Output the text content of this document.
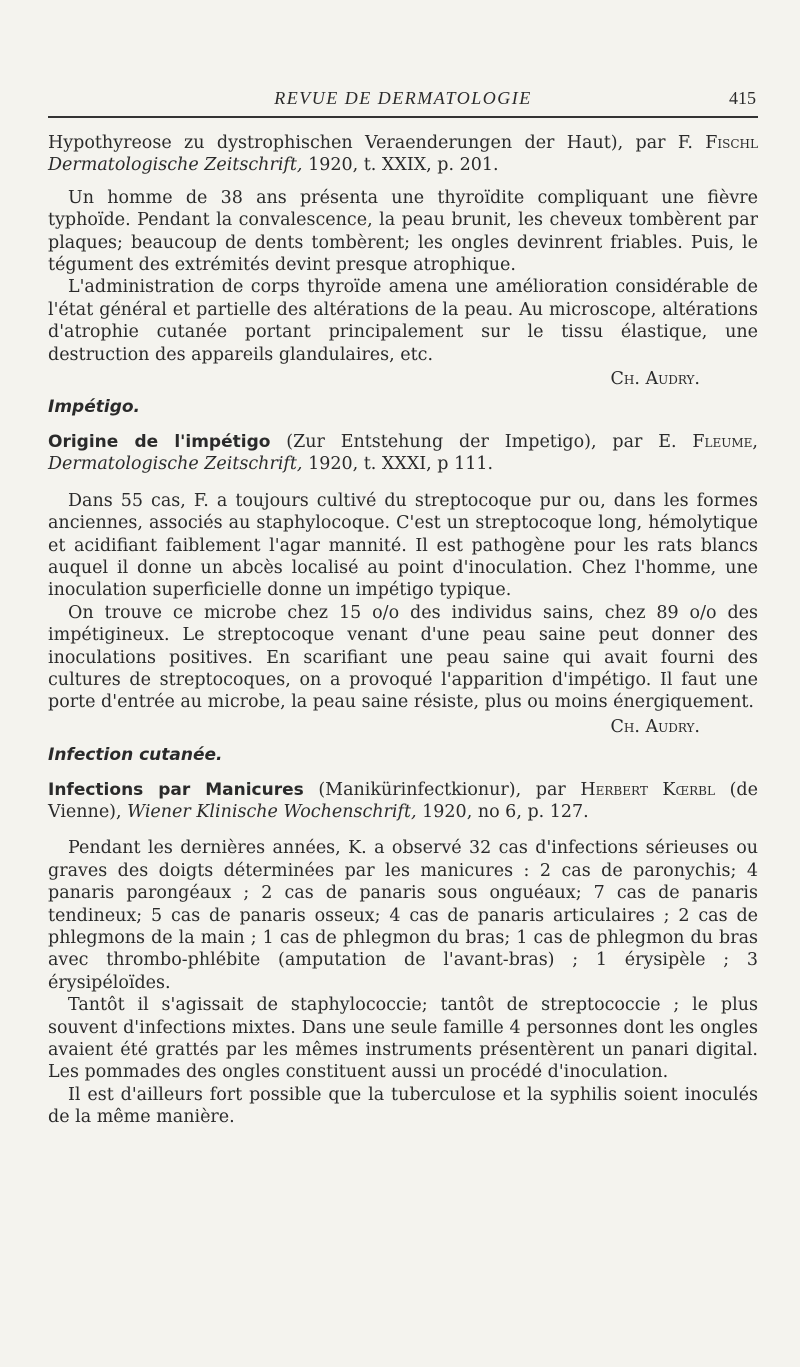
REVUE DE DERMATOLOGIE	415

Hypothyreose zu dystrophischen Veraenderungen der Haut), par F. Fischl Dermatologische Zeitschrift, 1920, t. XXIX, p. 201.

Un homme de 38 ans présenta une thyroïdite compliquant une fièvre typhoïde. Pendant la convalescence, la peau brunit, les cheveux tombèrent par plaques; beaucoup de dents tombèrent; les ongles devinrent friables. Puis, le tégument des extrémités devint presque atrophique.

L'administration de corps thyroïde amena une amélioration considérable de l'état général et partielle des altérations de la peau. Au microscope, altérations d'atrophie cutanée portant principalement sur le tissu élastique, une destruction des appareils glandulaires, etc.

Ch. Audry.

Impétigo.

Origine de l'impétigo (Zur Entstehung der Impetigo), par E. Fleume, Dermatologische Zeitschrift, 1920, t. XXXI, p 111.

Dans 55 cas, F. a toujours cultivé du streptocoque pur ou, dans les formes anciennes, associés au staphylocoque. C'est un streptocoque long, hémolytique et acidifiant faiblement l'agar mannité. Il est pathogène pour les rats blancs auquel il donne un abcès localisé au point d'inoculation. Chez l'homme, une inoculation superficielle donne un impétigo typique.

On trouve ce microbe chez 15 o/o des individus sains, chez 89 o/o des impétigineux. Le streptocoque venant d'une peau saine peut donner des inoculations positives. En scarifiant une peau saine qui avait fourni des cultures de streptocoques, on a provoqué l'apparition d'impétigo. Il faut une porte d'entrée au microbe, la peau saine résiste, plus ou moins énergiquement.

Ch. Audry.

Infection cutanée.

Infections par Manicures (Manikürinfectkionur), par Herbert Kœrbl (de Vienne), Wiener Klinische Wochenschrift, 1920, no 6, p. 127.

Pendant les dernières années, K. a observé 32 cas d'infections sérieuses ou graves des doigts déterminées par les manicures : 2 cas de paronychis; 4 panaris parongéaux ; 2 cas de panaris sous onguéaux; 7 cas de panaris tendineux; 5 cas de panaris osseux; 4 cas de panaris articulaires ; 2 cas de phlegmons de la main ; 1 cas de phlegmon du bras; 1 cas de phlegmon du bras avec thrombo-phlébite (amputation de l'avant-bras) ; 1 érysipèle ; 3 érysipéloïdes.

Tantôt il s'agissait de staphylococcie; tantôt de streptococcie ; le plus souvent d'infections mixtes. Dans une seule famille 4 personnes dont les ongles avaient été grattés par les mêmes instruments présentèrent un panari digital. Les pommades des ongles constituent aussi un procédé d'inoculation.

Il est d'ailleurs fort possible que la tuberculose et la syphilis soient inoculés de la même manière.
